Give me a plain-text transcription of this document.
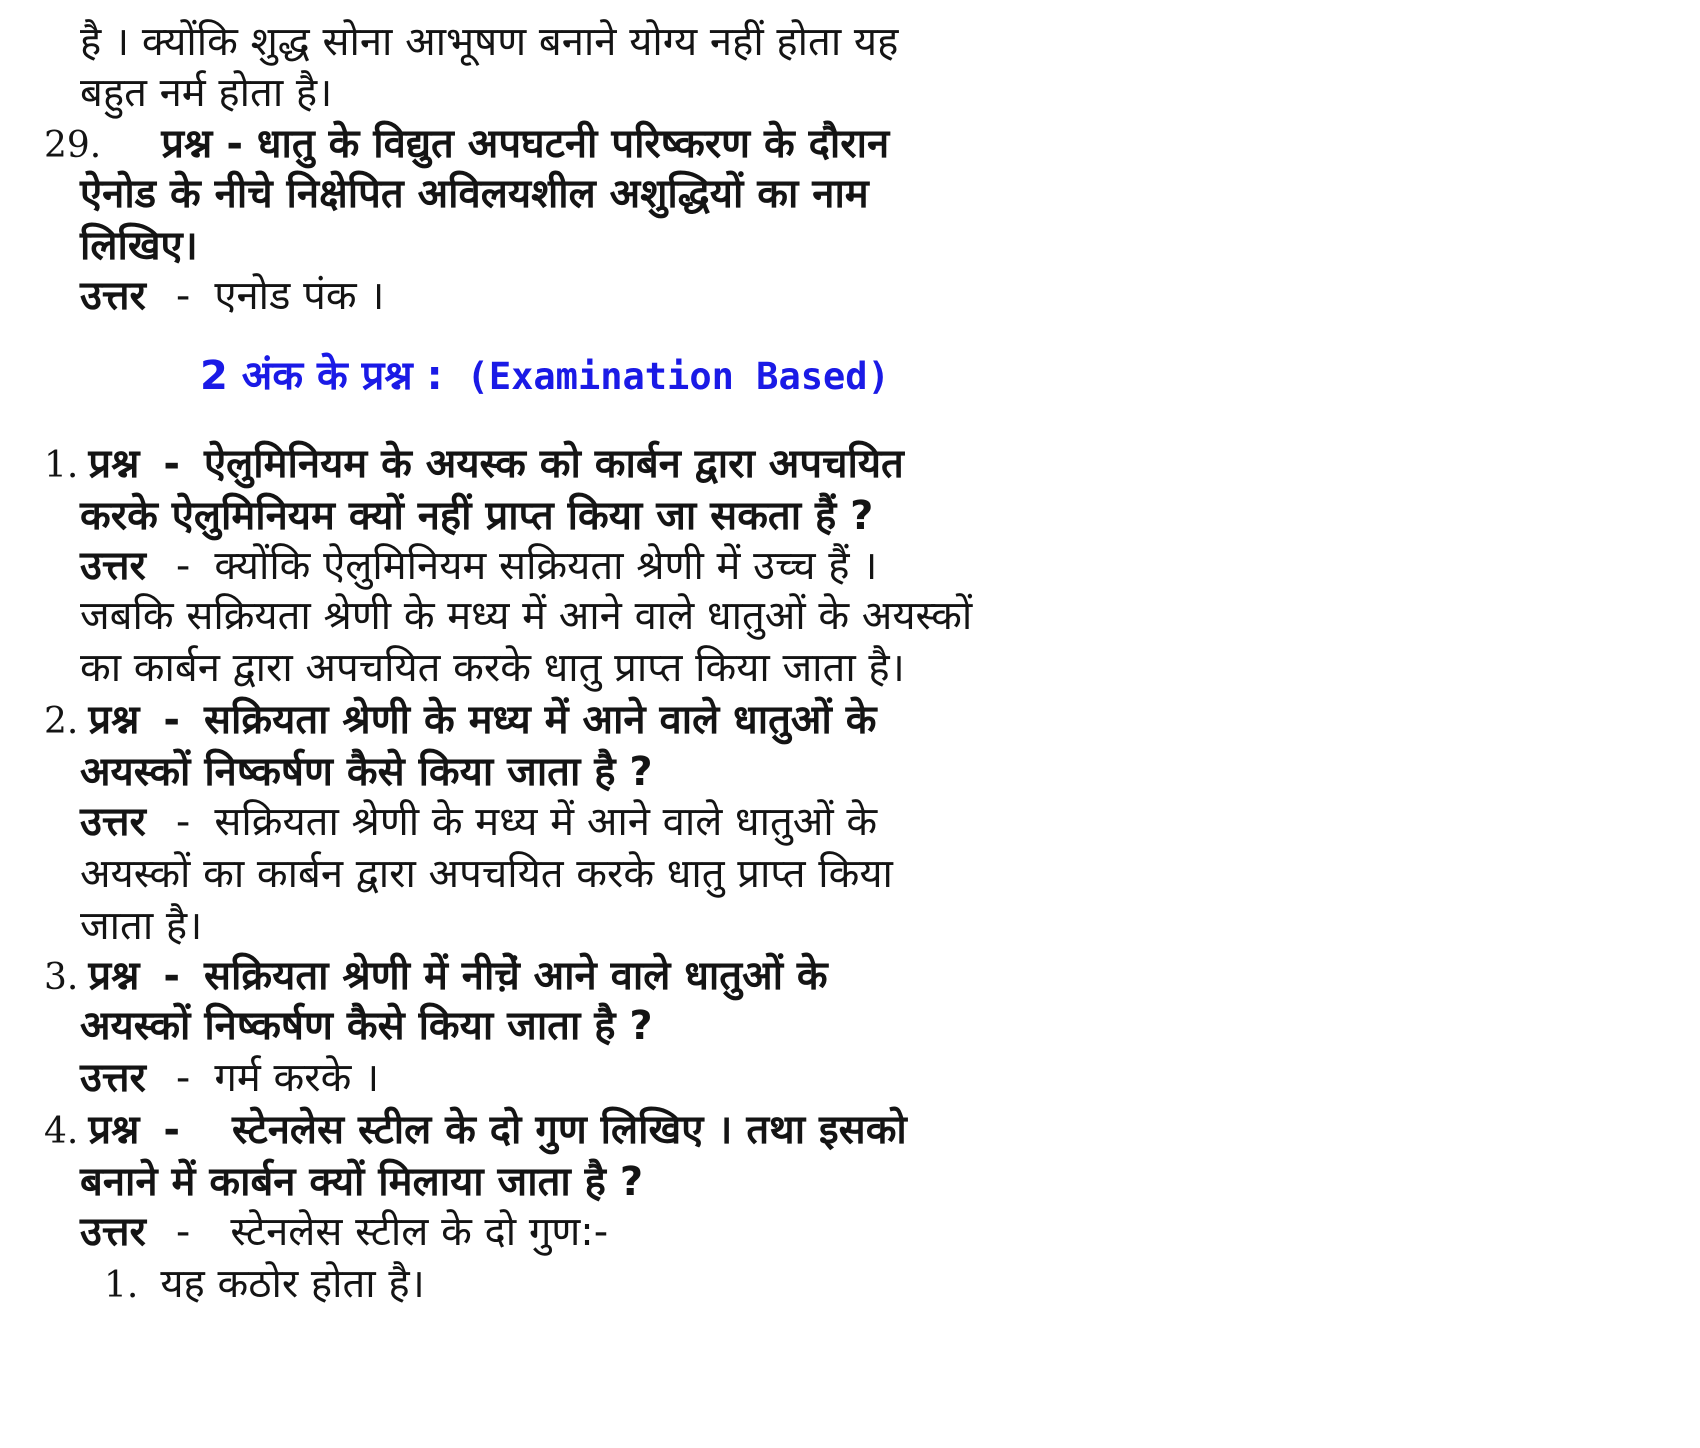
है । क्योंकि शुद्ध सोना आभूषण बनाने योग्य नहीं होता यह
बहुत नर्म होता है।
29. प्रश्न - धातु के विद्युत अपघटनी परिष्करण के दौरान
ऐनोड के नीचे निक्षेपित अविलयशील अशुद्धियों का नाम
लिखिए।
उत्तर - एनोड पंक ।
2 अंक के प्रश्न : (Examination Based)
1. प्रश्न - ऐलुमिनियम के अयस्क को कार्बन द्वारा अपचयित
करके ऐलुमिनियम क्यों नहीं प्राप्त किया जा सकता हैं ?
उत्तर - क्योंकि ऐलुमिनियम सक्रियता श्रेणी में उच्च हैं ।
जबकि सक्रियता श्रेणी के मध्य में आने वाले धातुओं के अयस्कों
का कार्बन द्वारा अपचयित करके धातु प्राप्त किया जाता है।
2. प्रश्न - सक्रियता श्रेणी के मध्य में आने वाले धातुओं के
अयस्कों निष्कर्षण कैसे किया जाता है ?
उत्तर - सक्रियता श्रेणी के मध्य में आने वाले धातुओं के
अयस्कों का कार्बन द्वारा अपचयित करके धातु प्राप्त किया
जाता है।
3. प्रश्न - सक्रियता श्रेणी में नीचेे़ं आने वाले धातुओं के
अयस्कों निष्कर्षण कैसे किया जाता है ?
उत्तर - गर्म करके ।
4. प्रश्न - स्टेनलेस स्टील के दो गुण लिखिए । तथा इसको
बनाने में कार्बन क्यों मिलाया जाता है ?
उत्तर - स्टेनलेस स्टील के दो गुण:-
1. यह कठोर होता है।
